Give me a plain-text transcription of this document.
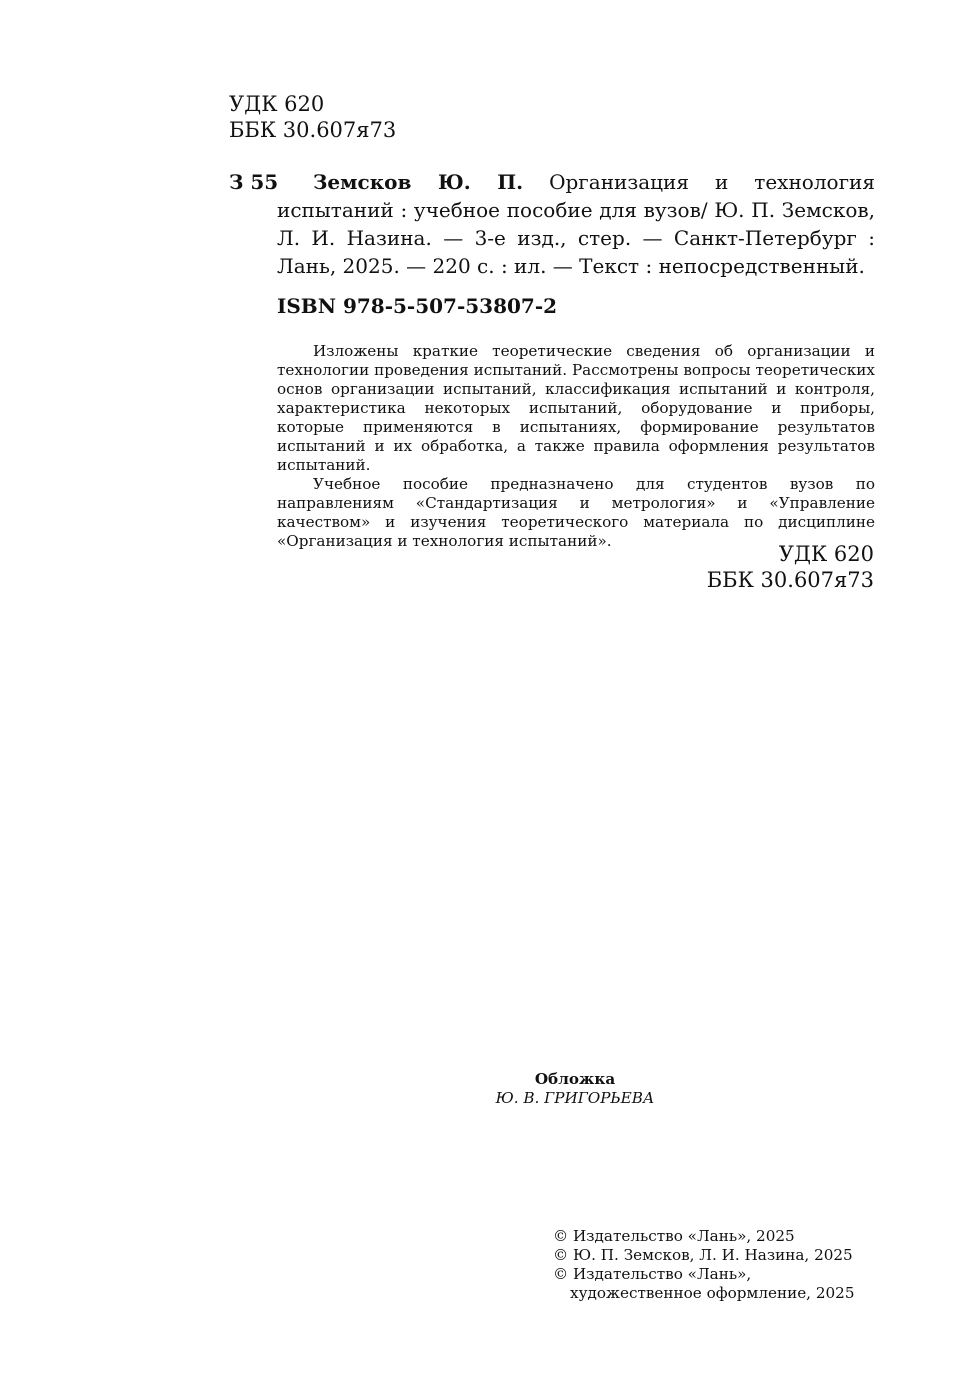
УДК 620
ББК 30.607я73
З 55	Земсков Ю. П. Организация и технология испытаний : учебное пособие для вузов/ Ю. П. Земсков, Л. И. Назина. — 3-е изд., стер. — Санкт-Петербург : Лань, 2025. — 220 с. : ил. — Текст : непосредственный.
ISBN 978-5-507-53807-2

Изложены краткие теоретические сведения об организации и технологии проведения испытаний. Рассмотрены вопросы теоретических основ организации испытаний, классификация испытаний и контроля, характеристика некоторых испытаний, оборудование и приборы, которые применяются в испытаниях, формирование результатов испытаний и их обработка, а также правила оформления результатов испытаний.

Учебное пособие предназначено для студентов вузов по направлениям «Стандартизация и метрология» и «Управление качеством» и изучения теоретического материала по дисциплине «Организация и технология испытаний».

УДК 620
ББК 30.607я73
Обложка
Ю. В. ГРИГОРЬЕВА
© Издательство «Лань», 2025
© Ю. П. Земсков, Л. И. Назина, 2025
© Издательство «Лань»,
художественное оформление, 2025
